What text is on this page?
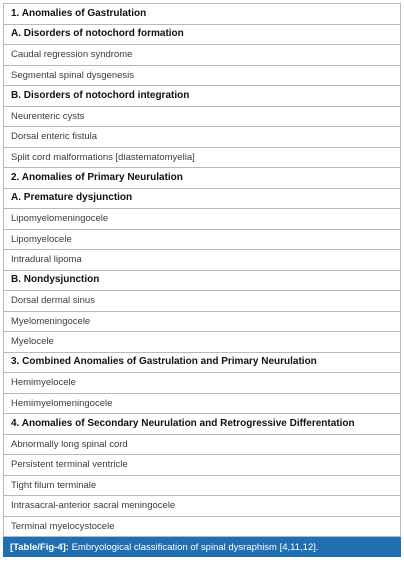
1. Anomalies of Gastrulation
A. Disorders of notochord formation
Caudal regression syndrome
Segmental spinal dysgenesis
B. Disorders of notochord integration
Neurenteric cysts
Dorsal enteric fistula
Split cord malformations [diastematomyelia]
2. Anomalies of Primary Neurulation
A. Premature dysjunction
Lipomyelomeningocele
Lipomyelocele
Intradural lipoma
B. Nondysjunction
Dorsal dermal sinus
Myelomeningocele
Myelocele
3. Combined Anomalies of Gastrulation and Primary Neurulation
Hemimyelocele
Hemimyelomeningocele
4. Anomalies of Secondary Neurulation and Retrogressive Differentation
Abnormally long spinal cord
Persistent terminal ventricle
Tight filum terminale
Intrasacral-anterior sacral meningocele
Terminal myelocystocele
[Table/Fig-4]: Embryological classification of spinal dysraphism [4,11,12].
